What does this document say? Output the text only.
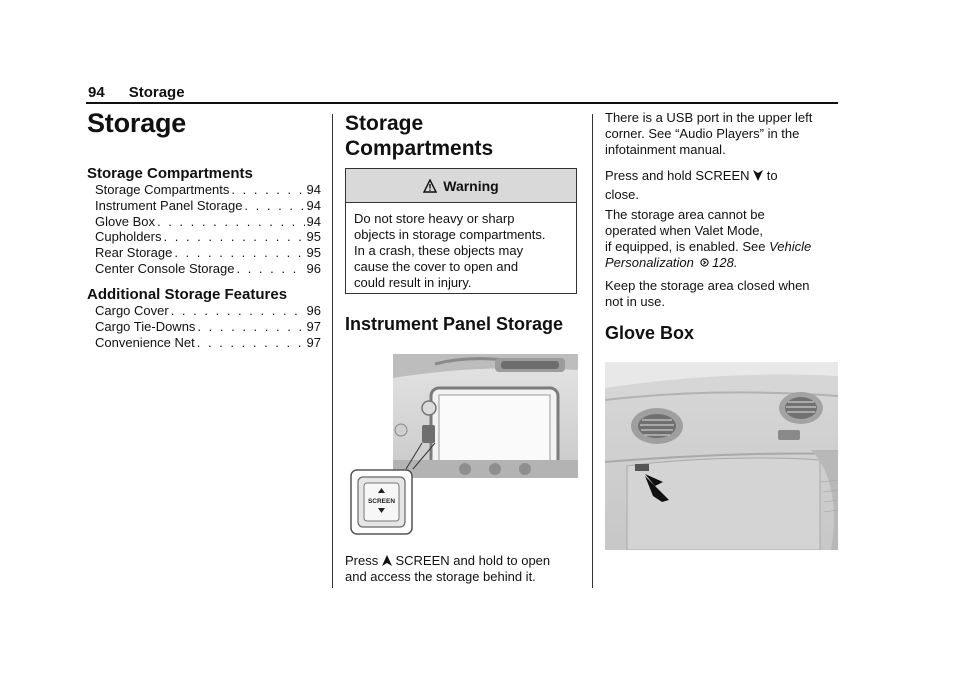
94 Storage
Storage
Storage Compartments
Storage Compartments . . .	94
Instrument Panel Storage . . .	94
Glove Box . . .	94
Cupholders . . .	95
Rear Storage . . .	95
Center Console Storage . . .	96
Additional Storage Features
Cargo Cover . . .	96
Cargo Tie-Downs . . .	97
Convenience Net . . .	97
Storage
Compartments
Warning
Do not store heavy or sharp
objects in storage compartments.
In a crash, these objects may
cause the cover to open and
could result in injury.
Instrument Panel Storage
SCREEN
Press SCREEN and hold to open
and access the storage behind it.
There is a USB port in the upper left
corner. See “Audio Players” in the
infotainment manual.
Press and hold SCREEN to
close.
The storage area cannot be
operated when Valet Mode,
if equipped, is enabled. See Vehicle
Personalization 128.
Keep the storage area closed when
not in use.
Glove Box
